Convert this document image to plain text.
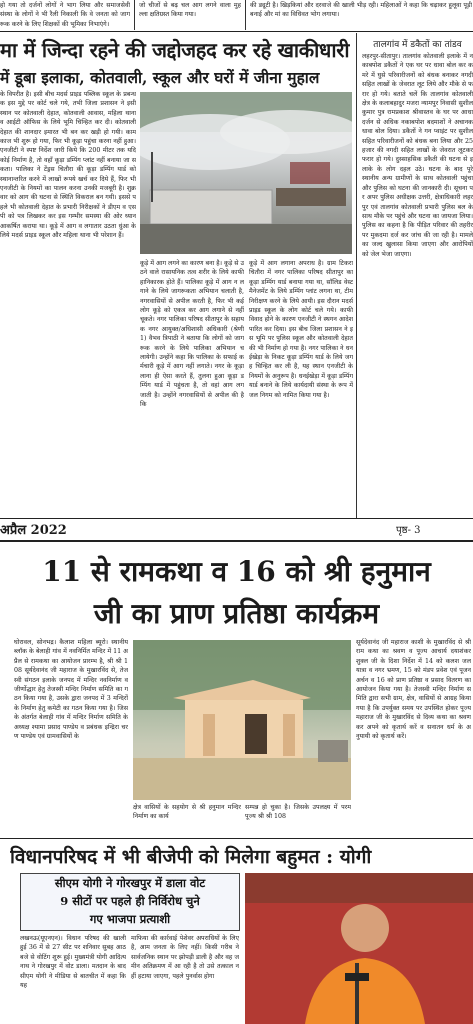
हो गया तो दर्जनों लोगों ने भाग लिया और समाजसेवी संस्था के लोगों ने भी रैली निकाली कि वे जनता को जागरूक करने के लिए शिक्षकों की भूमिका निभाएंगे।
जो चीजों से बढ़ चल आग लगने वाला मुहल्ला क्षतिग्रस्त किया गया।
की ड्यूटी है। खिड़कियां और दरवाजे की खाली भीड़ रही। महिलाओं ने कहा कि चढ़ाकर हुलूवा पूड़ी बनाई और मां का विधिवत भोग लगाया।
मा में जिन्दा रहने की जद्दोजहद कर रहे खाकीधारी
में डूबा इलाका, कोतवाली, स्कूल और घरों में जीना मुहाल
के विपरीत है। इसी बीच मदर्स प्राइड पब्लिक स्कूल के प्रबन्धक इस मुद्दे पर कोर्ट चले गये, तभी जिला प्रशासन ने इसी स्थान पर कोतवाली देहात, कोतवाली आवास, महिला थाना व आईटी ऑफिस के लिये भूमि चिन्हित कर दी। कोतवाली देहात की शानदार इमारत भी बन कर खड़ी हो गयी। कामकाज भी शुरू हो गया, फिर भी कूड़ा पहुंचा करना नहीं हुआ। एनजीटी ने स्पष्ट निर्देश जारी किये कि 200 मीटर तक यदि कोई निर्माण है, तो वहाँ कूड़ा डम्पिंग प्लांट नहीं बनाया जा सकता। पालिका ने टेंड्रस चितौरा की कूड़ा डम्पिंग यार्ड को स्थानान्तरित करने में लाखों रूपये खर्च कर दिये हैं, फिर भी एनजीटी के नियमों का पालन करना उनकी मजबूरी है। शुक्रवार को आग की घटना से स्थिति विकराल बन गयी। इससे पहले भी कोतवाली देहात के प्रभारी निरीक्षकों ने डीएम व एसपी को पत्र लिखकर कर इस गम्भीर समस्या की ओर ध्यान आकर्षित कराया था। कूड़े में आग व लगातार उठता धुंआ के लिये मदर्स प्राइड स्कूल और महिला थाना भी परेशान हैं।
कूड़े में आग लगने का कारण बना है। कूड़े से उठने वाले रासायनिक तत्व शरीर के लिये काफी हानिकारक होते हैं। पालिका कूड़े में आग न लगाने के लिये जागरूकता अभियान चलाती है, नगरवासियों से अपील करती है, फिर भी कई लोग कूड़े को एकत्र कर आग लगाने से नहीं चूकते। नगर पालिका परिषद सीतापुर के सहायक नगर आयुक्त/अधिशासी अधिकारी (श्रेणी 1) वैभव त्रिपाठी ने बताया कि लोगों को जागरूक करने के लिये पालिका अभियान चलायेगी। उन्होंने कहा कि पालिका के सफाई कर्मचारी कूड़े में आग नहीं लगाते। नगर के कूड़ा लाना ही ऐसा करते हैं, तुलना हुआ कूड़ा डम्पिंग यार्ड में पहुंचता है, तो वहां आग लग जाती है। उन्होंने नगरवासियों से अपील की है कि
कूड़े में आग लगाना अपराध है। ग्राम टिकरा चितौरा में नगर पालिका परिषद सीतापुर का कूड़ा डम्पिंग यार्ड बनाया गया था, सॉलिड वेस्ट मैनेजमेंट के लिये डम्पिंग प्लांट लगना था, टीम निरीक्षण करने के लिये आयी। इस दौरान मदर्स प्राइड स्कूल के लोग कोर्ट चले गये। काफी विवाद होने के कारण एनजीटी ने स्थगन आदेश पारित कर दिया। इस बीच जिला प्रशासन ने इस भूमि पर पुलिस स्कूल और कोतवाली देहात की भी निर्माण हो गया है। नगर पालिका ने धनईखेड़ा के निकट कूड़ा डम्पिंग यार्ड के लिये जगह चिन्हित कर ली है, यह स्थान एनजीटी के नियमों के अनुरूप है। धनईखेड़ा में कूड़ा डम्पिंग यार्ड बनाने के लिये कार्यदायी संस्था के रूप में जल निगम को नामित किया गया है।
तालगांव में डकैतों का तांडव
लहरपुर-सीतापुर। तालगांव कोतवाली इलाके में नकाबपोश डकैतों ने एक घर पर धावा बोल कर कमरे में घुसे परिवारीजनों को बंधक बनाकर नगदी सहित लाखों के जेवरात लूट लिये और मौके से फरार हो गये। बताते चलें कि तालगांव कोतवाली क्षेत्र के कलाबहादुर मजरा न्यामपुर निवासी सुशील कुमार पुत्र रामप्रकाश श्रीवास्तव के घर पर आधा दर्जन से अधिक नकाबपोश बदमाशों ने अचानक धावा बोल दिया। डकैतों ने गन प्वाइंट पर सुशील सहित परिवारीजनों को बंधक बना लिया और 25 हजार की नगदी सहित लाखों के जेवरात लूटकर फरार हो गये। दुस्साहसिक डकैती की घटना से इलाके के लोग दहल उठे। घटना के बाद पूरे स्थानीय अन्य ग्रामीणों के साथ कोतवाली पहुंचा और पुलिस को घटना की जानकारी दी। सूचना पर अपर पुलिस अधीक्षक उत्तरी, क्षेत्राधिकारी लहरपुर एवं तालगांव कोतवाली प्रभारी पुलिस बल के साथ मौके पर पहुंचे और घटना का जायजा लिया। पुलिस का कहना है कि पीड़ित परिवार की तहरीर पर मुकदमा दर्ज कर जांच की जा रही है। मामले का जल्द खुलासा किया जाएगा और आरोपियों को जेल भेजा जाएगा।
अप्रैल 2022	पृष्ठ- 3
11 से रामकथा व 16 को श्री हनुमान
जी का प्राण प्रतिष्ठा कार्यक्रम
घोरावल, सोनभद्र। कैलाश महिला ब्यूरो। स्थानीय ब्लॉक के बेलाही गांव में नवनिर्मित मन्दिर में 11 अप्रैल से रामकथा का आयोजन प्रारम्भ है, श्री श्री 108 सूर्यदेवानंद जी महाराज के मुखारविंद से, तेजस्वी संगठन इलाके जनपद में मन्दिर नवनिर्माण व जीर्णोद्धार हेतु तेजस्वी मन्दिर निर्माण समिति का गठन किया गया है, उसके द्वारा जनपद में 3 मन्दिरों के निर्माण हेतु कमेटी का गठन किया गया है। जिसके अंतर्गत बेलाही गांव में मन्दिर निर्माण समिति के अध्यक्ष श्यामा प्रसाद पाण्डेय व प्रबंधक इन्द्रिरा चरण पाण्डेय एवं ग्रामवासियों के
क्षेत्र वासियों के सहयोग से श्री हनुमान मन्दिर निर्माण का कार्य
सम्पन्न हो चुका है। जिसके उपलक्ष्य में परमपूज्य श्री श्री 108
सूर्यदेवानंद जी महाराज काशी के मुखारविंद से श्री राम कथा का श्रवण व पूज्य आचार्य दयाशंकर शुक्ल जी के दिशा निर्देश में 14 को कलश जल यात्रा व नगर भ्रमण, 15 को मंडप प्रवेश एवं पूजन अर्चन व 16 को प्राण प्रतिष्ठा व प्रसाद वितरण का आयोजन किया गया है। तेजस्वी मन्दिर निर्माण समिति द्वारा सभी ग्राम, क्षेत्र, वासियों से आग्रह किया गया है कि उपर्युक्त समय पर उपस्थित होकर पूज्य महाराज जी के मुखारविंद से दिव्य कथा का श्रवण कर अपने को कृतार्थ करें व सनातन धर्म के अनुयायी को कृतार्थ करें।
विधानपरिषद में भी बीजेपी को मिलेगा बहुमत : योगी
सीएम योगी ने गोरखपुर में डाला वोट
9 सीटों पर पहले ही निर्विरोध चुने
गए भाजपा प्रत्याशी
लखनऊ(यूएनएन)। विधान परिषद की खाली हुई 36 में से 27 सीट पर शनिवार सुबह आठ बजे से वोटिंग शुरू हुई। मुख्यमंत्री योगी आदित्यनाथ ने गोरखपुर में वोट डाला। मतदान के बाद सीएम योगी ने मीडिया से बातचीत में कहा कि यह
माफिया की कार्रवाई पेशेवर अपराधियों के लिए है, आम जनता के लिए नहीं। किसी गरीब ने सार्वजनिक स्थान पर झोपड़ी डाली है और वह जमीन अतिक्रमण में आ रही है तो उसे तत्काल नहीं हटाया जाएगा, पहले पुनर्वास होगा
